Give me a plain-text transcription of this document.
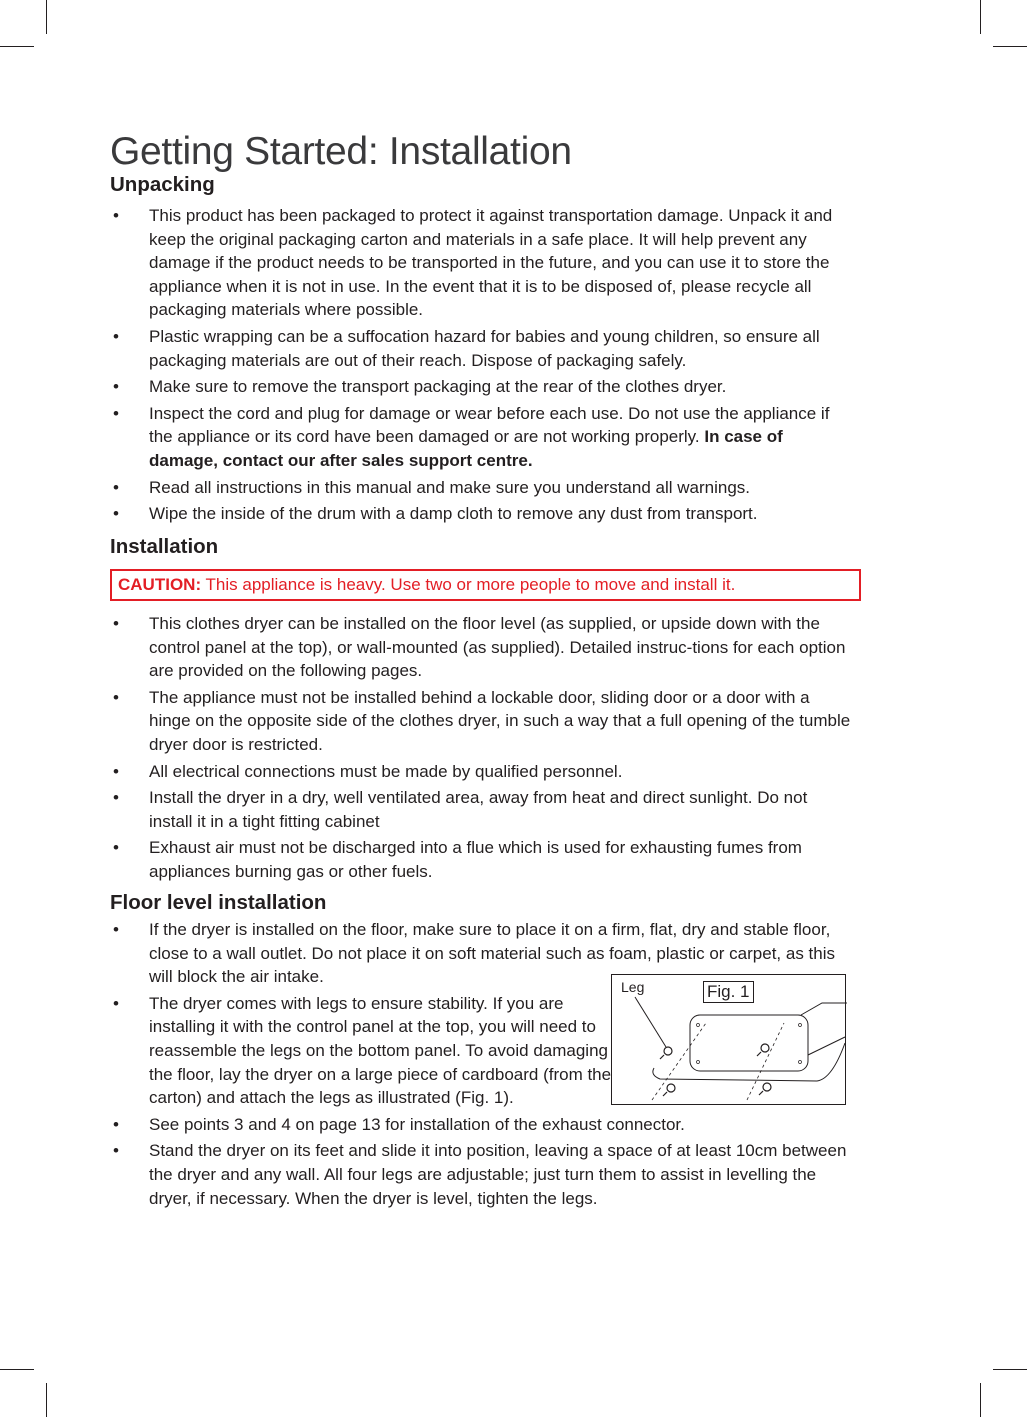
Getting Started: Installation
Unpacking
• This product has been packaged to protect it against transportation damage. Unpack it and keep the original packaging carton and materials in a safe place. It will help prevent any damage if the product needs to be transported in the future, and you can use it to store the appliance when it is not in use. In the event that it is to be disposed of, please recycle all packaging materials where possible.
• Plastic wrapping can be a suffocation hazard for babies and young children, so ensure all packaging materials are out of their reach. Dispose of packaging safely.
• Make sure to remove the transport packaging at the rear of the clothes dryer.
• Inspect the cord and plug for damage or wear before each use. Do not use the appliance if the appliance or its cord have been damaged or are not working properly. In case of damage, contact our after sales support centre.
• Read all instructions in this manual and make sure you understand all warnings.
• Wipe the inside of the drum with a damp cloth to remove any dust from transport.
Installation
CAUTION: This appliance is heavy. Use two or more people to move and install it.
• This clothes dryer can be installed on the floor level (as supplied, or upside down with the control panel at the top), or wall-mounted (as supplied). Detailed instruc-tions for each option are provided on the following pages.
• The appliance must not be installed behind a lockable door, sliding door or a door with a hinge on the opposite side of the clothes dryer, in such a way that a full opening of the tumble dryer door is restricted.
• All electrical connections must be made by qualified personnel.
• Install the dryer in a dry, well ventilated area, away from heat and direct sunlight. Do not install it in a tight fitting cabinet
• Exhaust air must not be discharged into a flue which is used for exhausting fumes from appliances burning gas or other fuels.
Floor level installation
• If the dryer is installed on the floor, make sure to place it on a firm, flat, dry and stable floor, close to a wall outlet. Do not place it on soft material such as foam, plastic or carpet, as this will block the air intake.
• The dryer comes with legs to ensure stability. If you are installing it with the control panel at the top, you will need to reassemble the legs on the bottom panel. To avoid damaging the floor, lay the dryer on a large piece of cardboard (from the carton) and attach the legs as illustrated (Fig. 1).
• See points 3 and 4 on page 13 for installation of the exhaust connector.
• Stand the dryer on its feet and slide it into position, leaving a space of at least 10cm between the dryer and any wall. All four legs are adjustable; just turn them to assist in levelling the dryer, if necessary. When the dryer is level, tighten the legs.
Leg	Fig. 1
